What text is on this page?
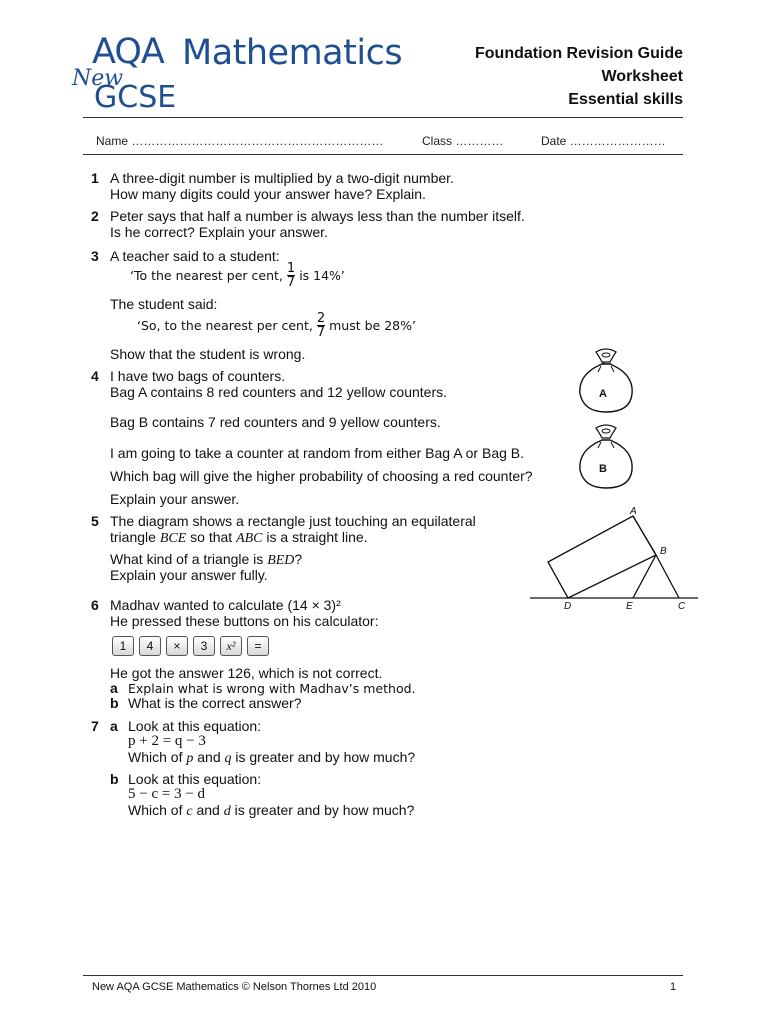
AQA Mathematics
New
GCSE
Foundation Revision Guide
Worksheet
Essential skills
Name ………………………………………………………	Class …………	Date ……………………
1 A three-digit number is multiplied by a two-digit number.
How many digits could your answer have? Explain.
2 Peter says that half a number is always less than the number itself.
Is he correct? Explain your answer.
3 A teacher said to a student:
‘To the nearest per cent, $\frac{1}{7}$ is 14%’
The student said:
‘So, to the nearest per cent, $\frac{2}{7}$ must be 28%’
Show that the student is wrong.
4 I have two bags of counters.
Bag A contains 8 red counters and 12 yellow counters.
Bag B contains 7 red counters and 9 yellow counters.
I am going to take a counter at random from either Bag A or Bag B.
Which bag will give the higher probability of choosing a red counter?
Explain your answer.
A
B
5 The diagram shows a rectangle just touching an equilateral
triangle BCE so that ABC is a straight line.
What kind of a triangle is BED?
Explain your answer fully.
A
B
D	E	C
6 Madhav wanted to calculate (14 × 3)²
He pressed these buttons on his calculator:
1	4	×	3	x²	=
He got the answer 126, which is not correct.
a Explain what is wrong with Madhav’s method.
b What is the correct answer?
7 a Look at this equation:
p + 2 = q − 3
Which of p and q is greater and by how much?
b Look at this equation:
5 − c = 3 − d
Which of c and d is greater and by how much?
New AQA GCSE Mathematics © Nelson Thornes Ltd 2010	1
